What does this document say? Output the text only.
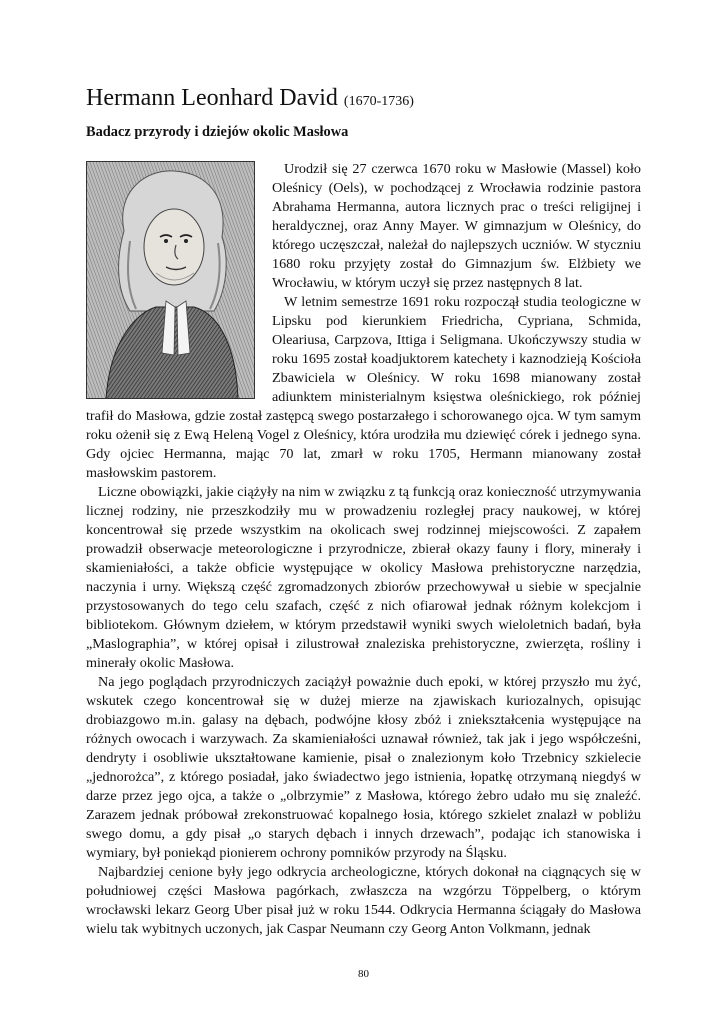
Hermann Leonhard David (1670-1736)
Badacz przyrody i dziejów okolic Masłowa

Urodził się 27 czerwca 1670 roku w Masłowie (Massel) koło Oleśnicy (Oels), w pochodzącej z Wrocławia rodzinie pastora Abrahama Hermanna, autora licznych prac o treści religijnej i heraldycznej, oraz Anny Mayer. W gimnazjum w Oleśnicy, do którego uczęszczał, należał do najlepszych uczniów. W styczniu 1680 roku przyjęty został do Gimnazjum św. Elżbiety we Wrocławiu, w którym uczył się przez następnych 8 lat.

W letnim semestrze 1691 roku rozpoczął studia teologiczne w Lipsku pod kierunkiem Friedricha, Cypriana, Schmida, Oleariusa, Carpzova, Ittiga i Seligmana. Ukończywszy studia w roku 1695 został koadjuktorem katechety i kaznodzieją Kościoła Zbawiciela w Oleśnicy. W roku 1698 mianowany został adiunktem ministerialnym księstwa oleśnickiego, rok później trafił do Masłowa, gdzie został zastępcą swego postarzałego i schorowanego ojca. W tym samym roku ożenił się z Ewą Heleną Vogel z Oleśnicy, która urodziła mu dziewięć córek i jednego syna. Gdy ojciec Hermanna, mając 70 lat, zmarł w roku 1705, Hermann mianowany został masłowskim pastorem.

Liczne obowiązki, jakie ciążyły na nim w związku z tą funkcją oraz konieczność utrzymywania licznej rodziny, nie przeszkodziły mu w prowadzeniu rozległej pracy naukowej, w której koncentrował się przede wszystkim na okolicach swej rodzinnej miejscowości. Z zapałem prowadził obserwacje meteorologiczne i przyrodnicze, zbierał okazy fauny i flory, minerały i skamieniałości, a także obficie występujące w okolicy Masłowa prehistoryczne narzędzia, naczynia i urny. Większą część zgromadzonych zbiorów przechowywał u siebie w specjalnie przystosowanych do tego celu szafach, część z nich ofiarował jednak różnym kolekcjom i bibliotekom. Głównym dziełem, w którym przedstawił wyniki swych wieloletnich badań, była „Maslographia”, w której opisał i zilustrował znaleziska prehistoryczne, zwierzęta, rośliny i minerały okolic Masłowa.

Na jego poglądach przyrodniczych zaciążył poważnie duch epoki, w której przyszło mu żyć, wskutek czego koncentrował się w dużej mierze na zjawiskach kuriozalnych, opisując drobiazgowo m.in. galasy na dębach, podwójne kłosy zbóż i zniekształcenia występujące na różnych owocach i warzywach. Za skamieniałości uznawał również, tak jak i jego współcześni, dendryty i osobliwie ukształtowane kamienie, pisał o znalezionym koło Trzebnicy szkielecie „jednorożca”, z którego posiadał, jako świadectwo jego istnienia, łopatkę otrzymaną niegdyś w darze przez jego ojca, a także o „olbrzymie” z Masłowa, którego żebro udało mu się znaleźć. Zarazem jednak próbował zrekonstruować kopalnego łosia, którego szkielet znalazł w pobliżu swego domu, a gdy pisał „o starych dębach i innych drzewach”, podając ich stanowiska i wymiary, był poniekąd pionierem ochrony pomników przyrody na Śląsku.

Najbardziej cenione były jego odkrycia archeologiczne, których dokonał na ciągnących się w południowej części Masłowa pagórkach, zwłaszcza na wzgórzu Töppelberg, o którym wrocławski lekarz Georg Uber pisał już w roku 1544. Odkrycia Hermanna ściągały do Masłowa wielu tak wybitnych uczonych, jak Caspar Neumann czy Georg Anton Volkmann, jednak

80
